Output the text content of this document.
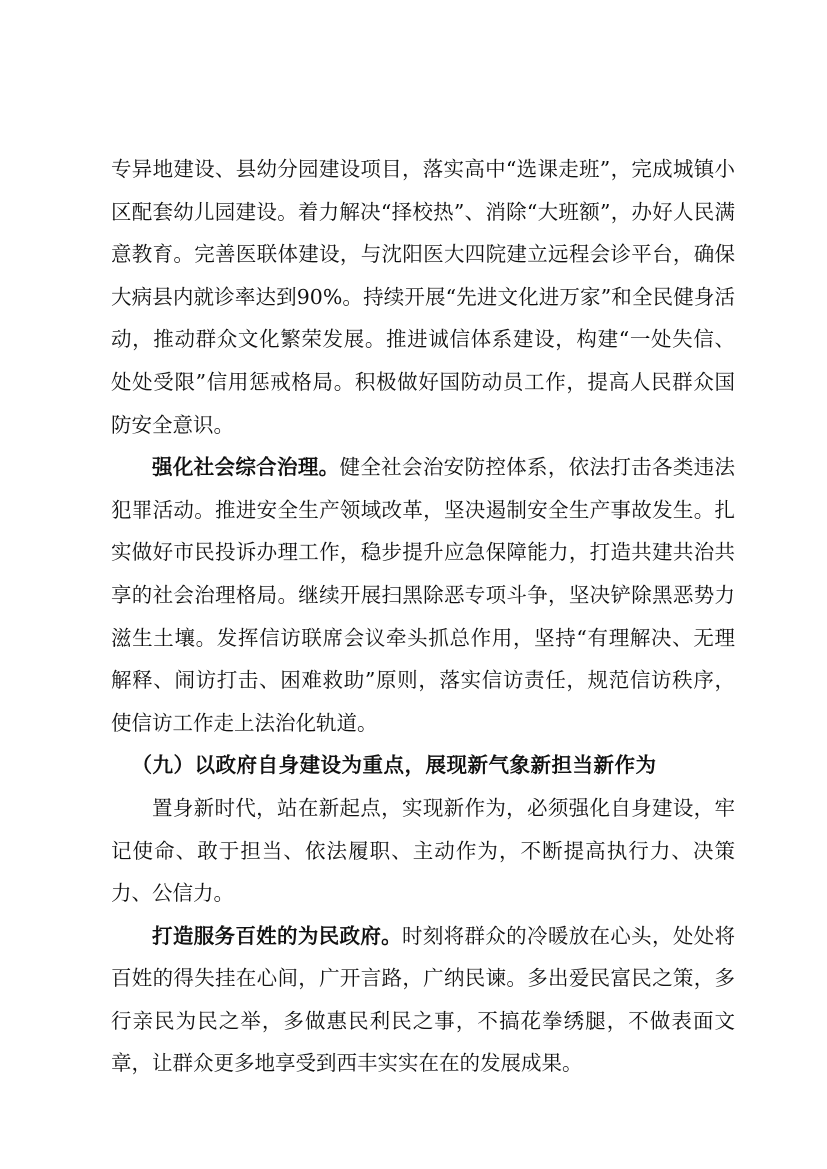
专异地建设、县幼分园建设项目，落实高中“选课走班”，完成城镇小区配套幼儿园建设。着力解决“择校热”、消除“大班额”，办好人民满意教育。完善医联体建设，与沈阳医大四院建立远程会诊平台，确保大病县内就诊率达到90%。持续开展“先进文化进万家”和全民健身活动，推动群众文化繁荣发展。推进诚信体系建设，构建“一处失信、处处受限”信用惩戒格局。积极做好国防动员工作，提高人民群众国防安全意识。

强化社会综合治理。健全社会治安防控体系，依法打击各类违法犯罪活动。推进安全生产领域改革，坚决遏制安全生产事故发生。扎实做好市民投诉办理工作，稳步提升应急保障能力，打造共建共治共享的社会治理格局。继续开展扫黑除恶专项斗争，坚决铲除黑恶势力滋生土壤。发挥信访联席会议牵头抓总作用，坚持“有理解决、无理解释、闹访打击、困难救助”原则，落实信访责任，规范信访秩序，使信访工作走上法治化轨道。

（九）以政府自身建设为重点，展现新气象新担当新作为

置身新时代，站在新起点，实现新作为，必须强化自身建设，牢记使命、敢于担当、依法履职、主动作为，不断提高执行力、决策力、公信力。

打造服务百姓的为民政府。时刻将群众的冷暖放在心头，处处将百姓的得失挂在心间，广开言路，广纳民谏。多出爱民富民之策，多行亲民为民之举，多做惠民利民之事，不搞花拳绣腿，不做表面文章，让群众更多地享受到西丰实实在在的发展成果。
